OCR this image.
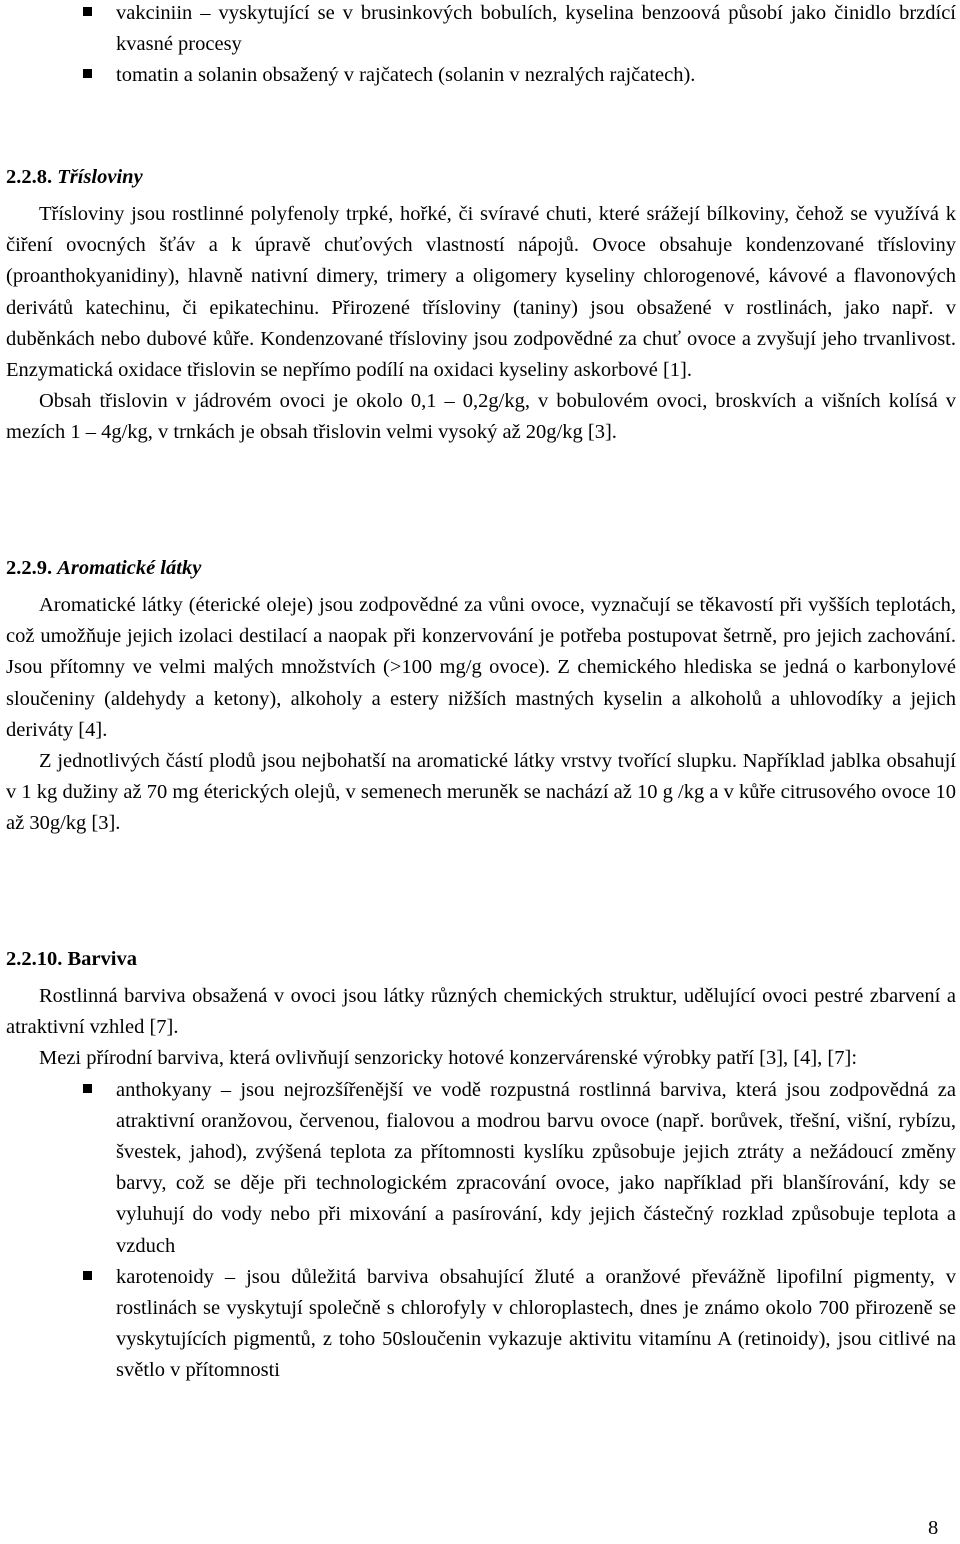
vakciniin – vyskytující se v brusinkových bobulích, kyselina benzoová působí jako činidlo brzdící kvasné procesy
tomatin a solanin obsažený v rajčatech (solanin v nezralých rajčatech).
2.2.8. Třísloviny

Třísloviny jsou rostlinné polyfenoly trpké, hořké, či svíravé chuti, které srážejí bílkoviny, čehož se využívá k čiření ovocných šťáv a k úpravě chuťových vlastností nápojů. Ovoce obsahuje kondenzované třísloviny (proanthokyanidiny), hlavně nativní dimery, trimery a oligomery kyseliny chlorogenové, kávové a flavonových derivátů katechinu, či epikatechinu. Přirozené třísloviny (taniny) jsou obsažené v rostlinách, jako např. v duběnkách nebo dubové kůře. Kondenzované třísloviny jsou zodpovědné za chuť ovoce a zvyšují jeho trvanlivost. Enzymatická oxidace třislovin se nepřímo podílí na oxidaci kyseliny askorbové [1].

Obsah třislovin v jádrovém ovoci je okolo 0,1 – 0,2g/kg, v bobulovém ovoci, broskvích a višních kolísá v mezích 1 – 4g/kg, v trnkách je obsah třislovin velmi vysoký až 20g/kg [3].

2.2.9. Aromatické látky

Aromatické látky (éterické oleje) jsou zodpovědné za vůni ovoce, vyznačují se těkavostí při vyšších teplotách, což umožňuje jejich izolaci destilací a naopak při konzervování je potřeba postupovat šetrně, pro jejich zachování. Jsou přítomny ve velmi malých množstvích (>100 mg/g ovoce). Z chemického hlediska se jedná o karbonylové sloučeniny (aldehydy a ketony), alkoholy a estery nižších mastných kyselin a alkoholů a uhlovodíky a jejich deriváty [4].

Z jednotlivých částí plodů jsou nejbohatší na aromatické látky vrstvy tvořící slupku. Například jablka obsahují v 1 kg dužiny až 70 mg éterických olejů, v semenech meruněk se nachází až 10 g /kg a v kůře citrusového ovoce 10 až 30g/kg [3].

2.2.10. Barviva

Rostlinná barviva obsažená v ovoci jsou látky různých chemických struktur, udělující ovoci pestré zbarvení a atraktivní vzhled [7].

Mezi přírodní barviva, která ovlivňují senzoricky hotové konzervárenské výrobky patří [3], [4], [7]:

anthokyany – jsou nejrozšířenější ve vodě rozpustná rostlinná barviva, která jsou zodpovědná za atraktivní oranžovou, červenou, fialovou a modrou barvu ovoce (např. borůvek, třešní, višní, rybízu, švestek, jahod), zvýšená teplota za přítomnosti kyslíku způsobuje jejich ztráty a nežádoucí změny barvy, což se děje při technologickém zpracování ovoce, jako například při blanšírování, kdy se vyluhují do vody nebo při mixování a pasírování, kdy jejich částečný rozklad způsobuje teplota a vzduch
karotenoidy – jsou důležitá barviva obsahující žluté a oranžové převážně lipofilní pigmenty, v rostlinách se vyskytují společně s chlorofyly v chloroplastech, dnes je známo okolo 700 přirozeně se vyskytujících pigmentů, z toho 50sloučenin vykazuje aktivitu vitamínu A (retinoidy), jsou citlivé na světlo v přítomnosti
8
